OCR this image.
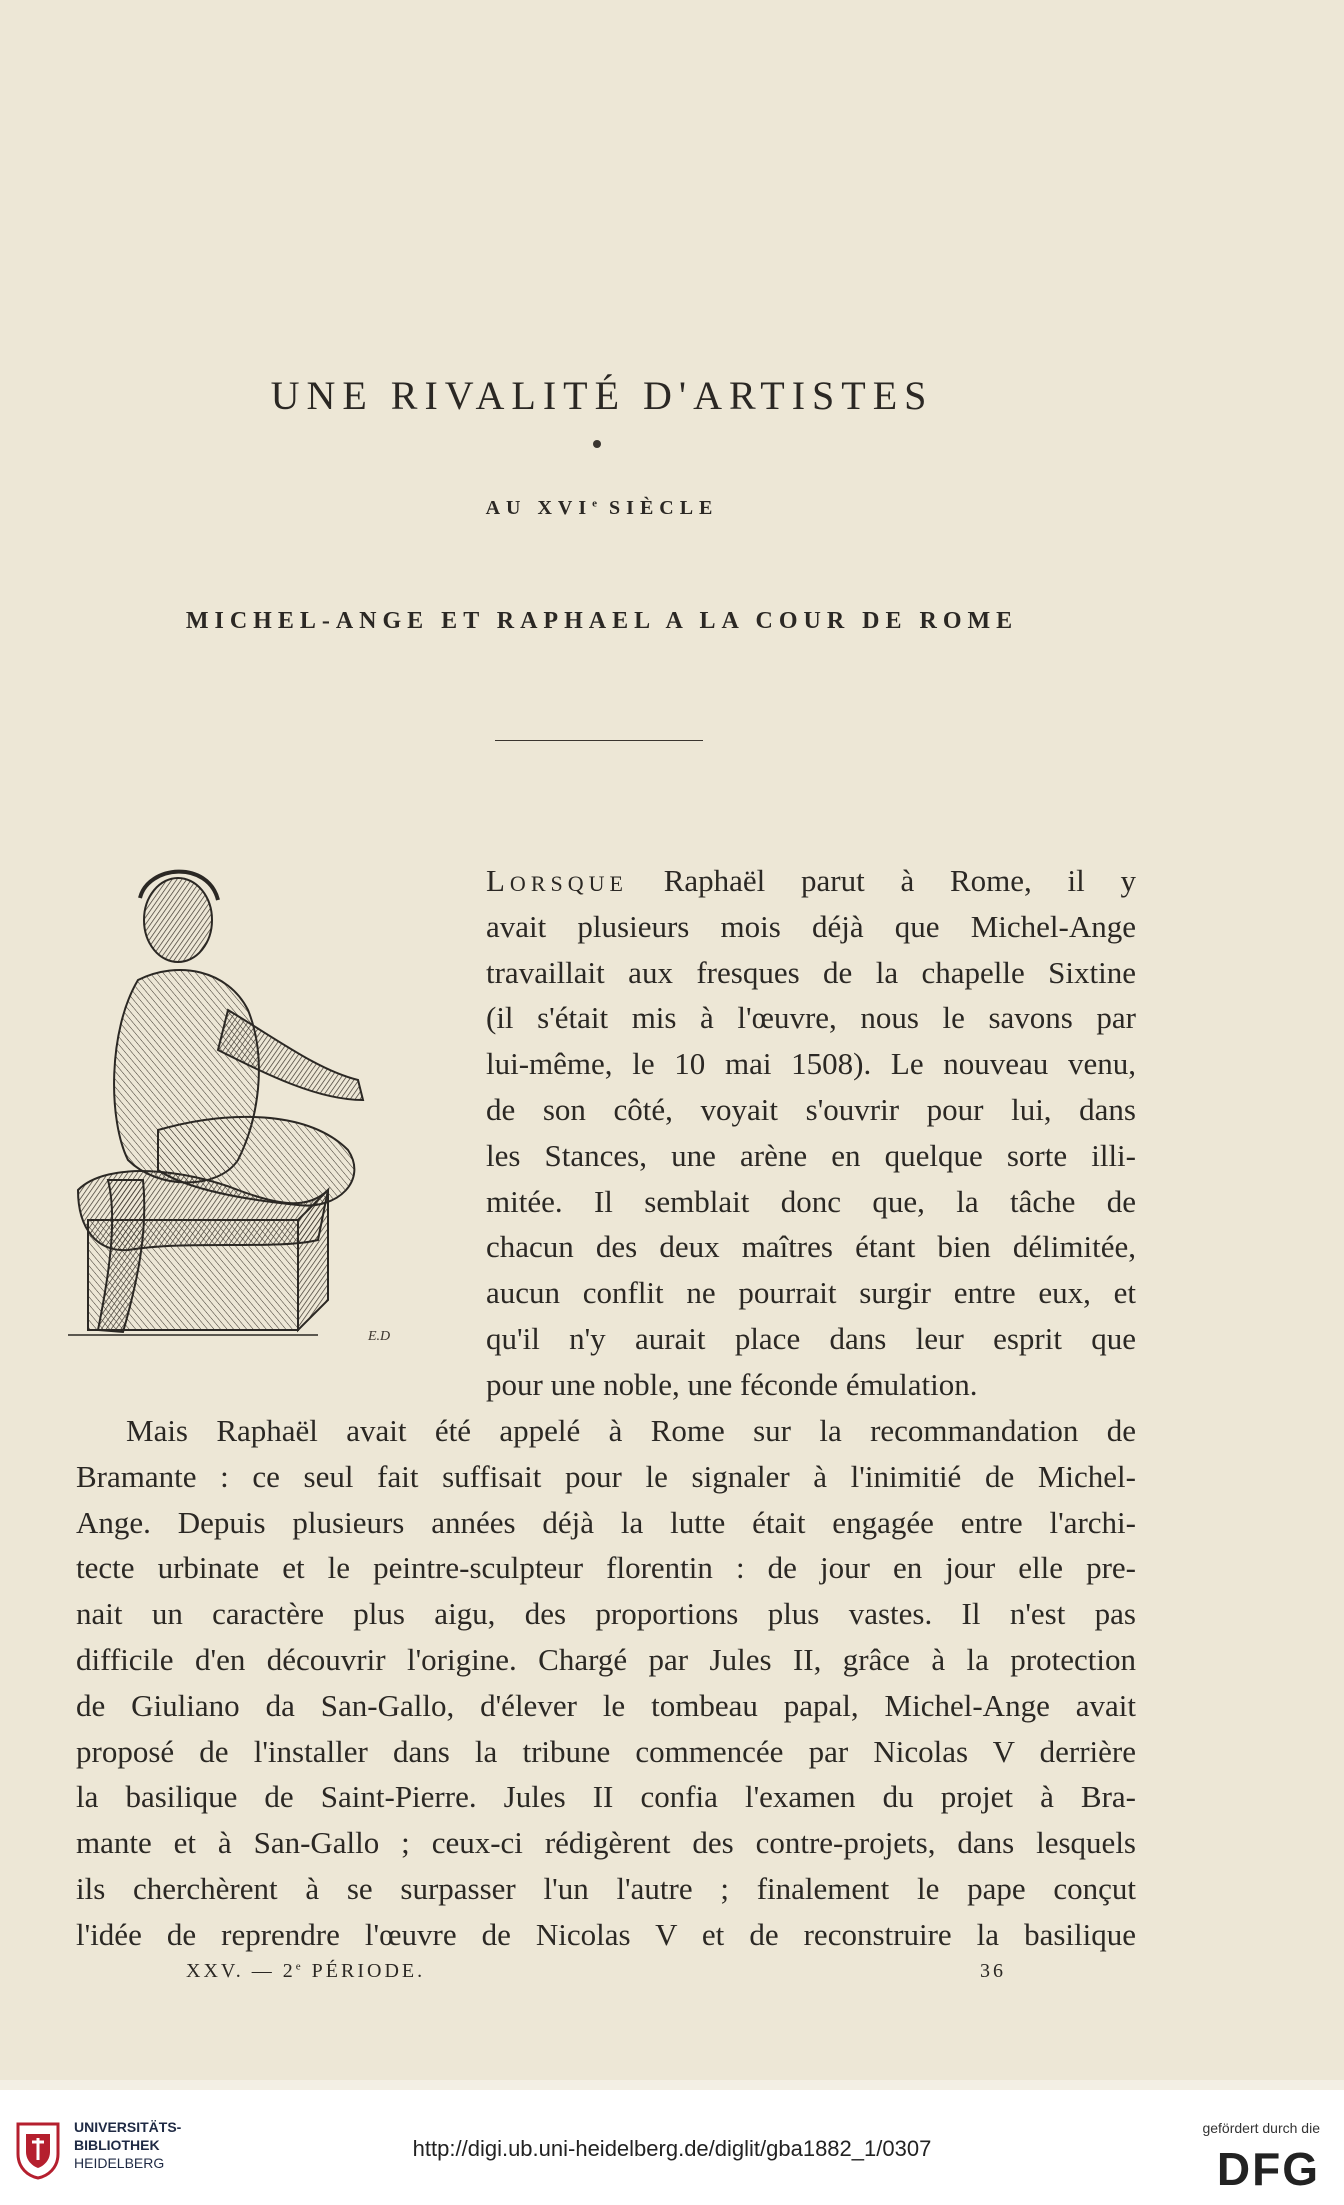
UNE RIVALITÉ D'ARTISTES
AU XVIe SIÈCLE
MICHEL-ANGE ET RAPHAEL A LA COUR DE ROME
E.D
Lorsque Raphaël parut à Rome, il y
avait plusieurs mois déjà que Michel-Ange
travaillait aux fresques de la chapelle Sixtine
(il s'était mis à l'œuvre, nous le savons par
lui-même, le 10 mai 1508). Le nouveau venu,
de son côté, voyait s'ouvrir pour lui, dans
les Stances, une arène en quelque sorte illi-
mitée. Il semblait donc que, la tâche de
chacun des deux maîtres étant bien délimitée,
aucun conflit ne pourrait surgir entre eux, et
qu'il n'y aurait place dans leur esprit que
pour une noble, une féconde émulation.
Mais Raphaël avait été appelé à Rome sur la recommandation de
Bramante : ce seul fait suffisait pour le signaler à l'inimitié de Michel-
Ange. Depuis plusieurs années déjà la lutte était engagée entre l'archi-
tecte urbinate et le peintre-sculpteur florentin : de jour en jour elle pre-
nait un caractère plus aigu, des proportions plus vastes. Il n'est pas
difficile d'en découvrir l'origine. Chargé par Jules II, grâce à la protection
de Giuliano da San-Gallo, d'élever le tombeau papal, Michel-Ange avait
proposé de l'installer dans la tribune commencée par Nicolas V derrière
la basilique de Saint-Pierre. Jules II confia l'examen du projet à Bra-
mante et à San-Gallo ; ceux-ci rédigèrent des contre-projets, dans lesquels
ils cherchèrent à se surpasser l'un l'autre ; finalement le pape conçut
l'idée de reprendre l'œuvre de Nicolas V et de reconstruire la basilique
XXV. — 2e PÉRIODE.	36
UNIVERSITÄTS-
BIBLIOTHEK
HEIDELBERG
http://digi.ub.uni-heidelberg.de/diglit/gba1882_1/0307
gefördert durch die
DFG
